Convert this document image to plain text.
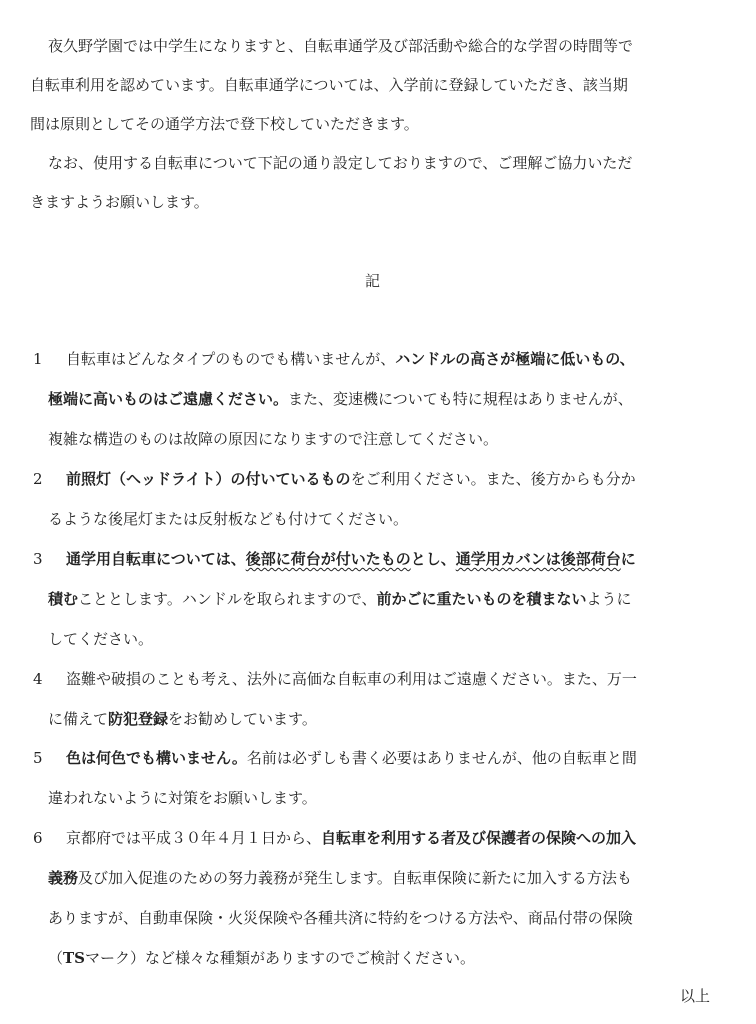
夜久野学園では中学生になりますと、自転車通学及び部活動や総合的な学習の時間等で
自転車利用を認めています。自転車通学については、入学前に登録していただき、該当期
間は原則としてその通学方法で登下校していただきます。
なお、使用する自転車について下記の通り設定しておりますので、ご理解ご協力いただ
きますようお願いします。
記
1 自転車はどんなタイプのものでも構いませんが、ハンドルの高さが極端に低いもの、
極端に高いものはご遠慮ください。また、変速機についても特に規程はありませんが、
複雑な構造のものは故障の原因になりますので注意してください。
2 前照灯（ヘッドライト）の付いているものをご利用ください。また、後方からも分か
るような後尾灯または反射板なども付けてください。
3 通学用自転車については、後部に荷台が付いたものとし、通学用カバンは後部荷台に
積むこととします。ハンドルを取られますので、前かごに重たいものを積まないように
してください。
4 盗難や破損のことも考え、法外に高価な自転車の利用はご遠慮ください。また、万一
に備えて防犯登録をお勧めしています。
5 色は何色でも構いません。名前は必ずしも書く必要はありませんが、他の自転車と間
違われないように対策をお願いします。
6 京都府では平成３０年４月１日から、自転車を利用する者及び保護者の保険への加入
義務及び加入促進のための努力義務が発生します。自転車保険に新たに加入する方法も
ありますが、自動車保険・火災保険や各種共済に特約をつける方法や、商品付帯の保険
（TSマーク）など様々な種類がありますのでご検討ください。
以上
